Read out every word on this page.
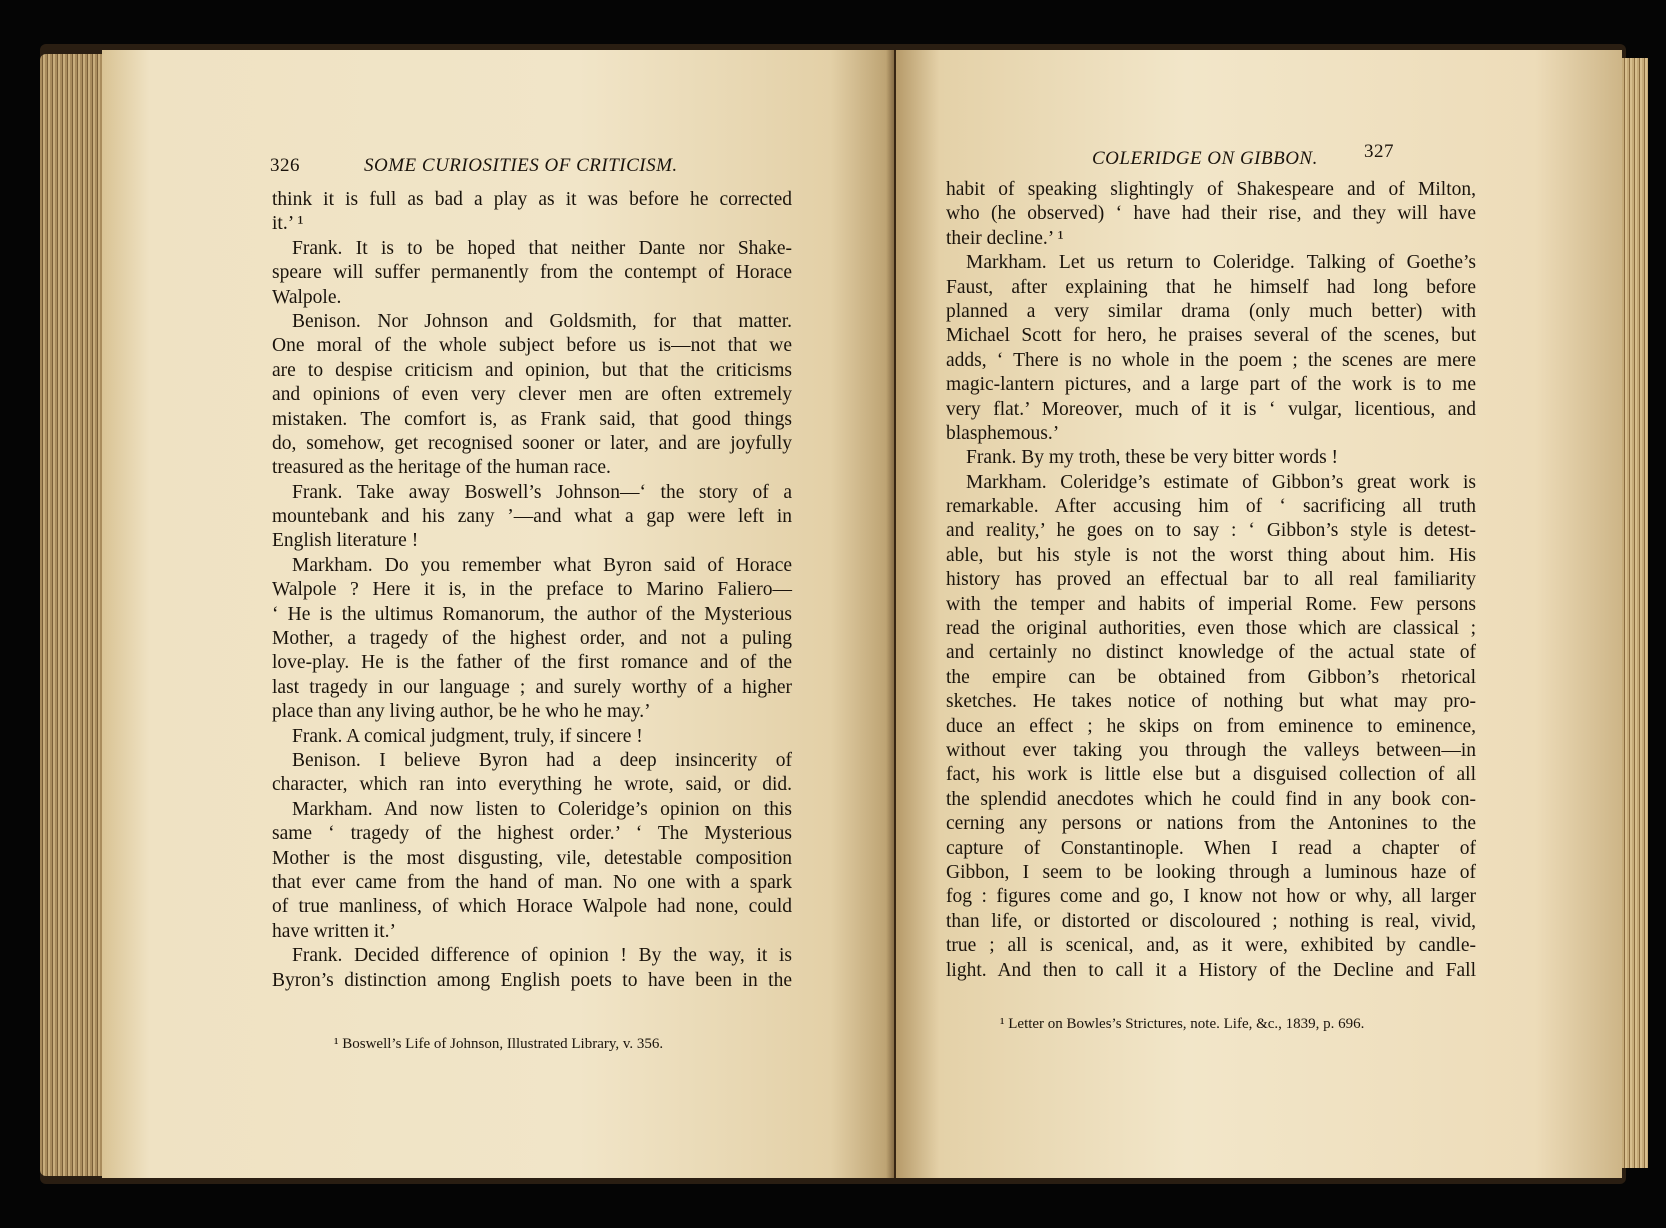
326	SOME CURIOSITIES OF CRITICISM.
think it is full as bad a play as it was before he corrected
it.’ ¹
Frank. It is to be hoped that neither Dante nor Shake-
speare will suffer permanently from the contempt of Horace
Walpole.
Benison. Nor Johnson and Goldsmith, for that matter.
One moral of the whole subject before us is—not that we
are to despise criticism and opinion, but that the criticisms
and opinions of even very clever men are often extremely
mistaken. The comfort is, as Frank said, that good things
do, somehow, get recognised sooner or later, and are joyfully
treasured as the heritage of the human race.
Frank. Take away Boswell’s Johnson—‘ the story of a
mountebank and his zany ’—and what a gap were left in
English literature !
Markham. Do you remember what Byron said of Horace
Walpole ? Here it is, in the preface to Marino Faliero—
‘ He is the ultimus Romanorum, the author of the Mysterious
Mother, a tragedy of the highest order, and not a puling
love-play. He is the father of the first romance and of the
last tragedy in our language ; and surely worthy of a higher
place than any living author, be he who he may.’
Frank. A comical judgment, truly, if sincere !
Benison. I believe Byron had a deep insincerity of
character, which ran into everything he wrote, said, or did.
Markham. And now listen to Coleridge’s opinion on this
same ‘ tragedy of the highest order.’ ‘ The Mysterious
Mother is the most disgusting, vile, detestable composition
that ever came from the hand of man. No one with a spark
of true manliness, of which Horace Walpole had none, could
have written it.’
Frank. Decided difference of opinion ! By the way, it is
Byron’s distinction among English poets to have been in the
¹ Boswell’s Life of Johnson, Illustrated Library, v. 356.
COLERIDGE ON GIBBON. 327
habit of speaking slightingly of Shakespeare and of Milton,
who (he observed) ‘ have had their rise, and they will have
their decline.’ ¹
Markham. Let us return to Coleridge. Talking of Goethe’s
Faust, after explaining that he himself had long before
planned a very similar drama (only much better) with
Michael Scott for hero, he praises several of the scenes, but
adds, ‘ There is no whole in the poem ; the scenes are mere
magic-lantern pictures, and a large part of the work is to me
very flat.’ Moreover, much of it is ‘ vulgar, licentious, and
blasphemous.’
Frank. By my troth, these be very bitter words !
Markham. Coleridge’s estimate of Gibbon’s great work is
remarkable. After accusing him of ‘ sacrificing all truth
and reality,’ he goes on to say : ‘ Gibbon’s style is detest-
able, but his style is not the worst thing about him. His
history has proved an effectual bar to all real familiarity
with the temper and habits of imperial Rome. Few persons
read the original authorities, even those which are classical ;
and certainly no distinct knowledge of the actual state of
the empire can be obtained from Gibbon’s rhetorical
sketches. He takes notice of nothing but what may pro-
duce an effect ; he skips on from eminence to eminence,
without ever taking you through the valleys between—in
fact, his work is little else but a disguised collection of all
the splendid anecdotes which he could find in any book con-
cerning any persons or nations from the Antonines to the
capture of Constantinople. When I read a chapter of
Gibbon, I seem to be looking through a luminous haze of
fog : figures come and go, I know not how or why, all larger
than life, or distorted or discoloured ; nothing is real, vivid,
true ; all is scenical, and, as it were, exhibited by candle-
light. And then to call it a History of the Decline and Fall
¹ Letter on Bowles’s Strictures, note. Life, &c., 1839, p. 696.
